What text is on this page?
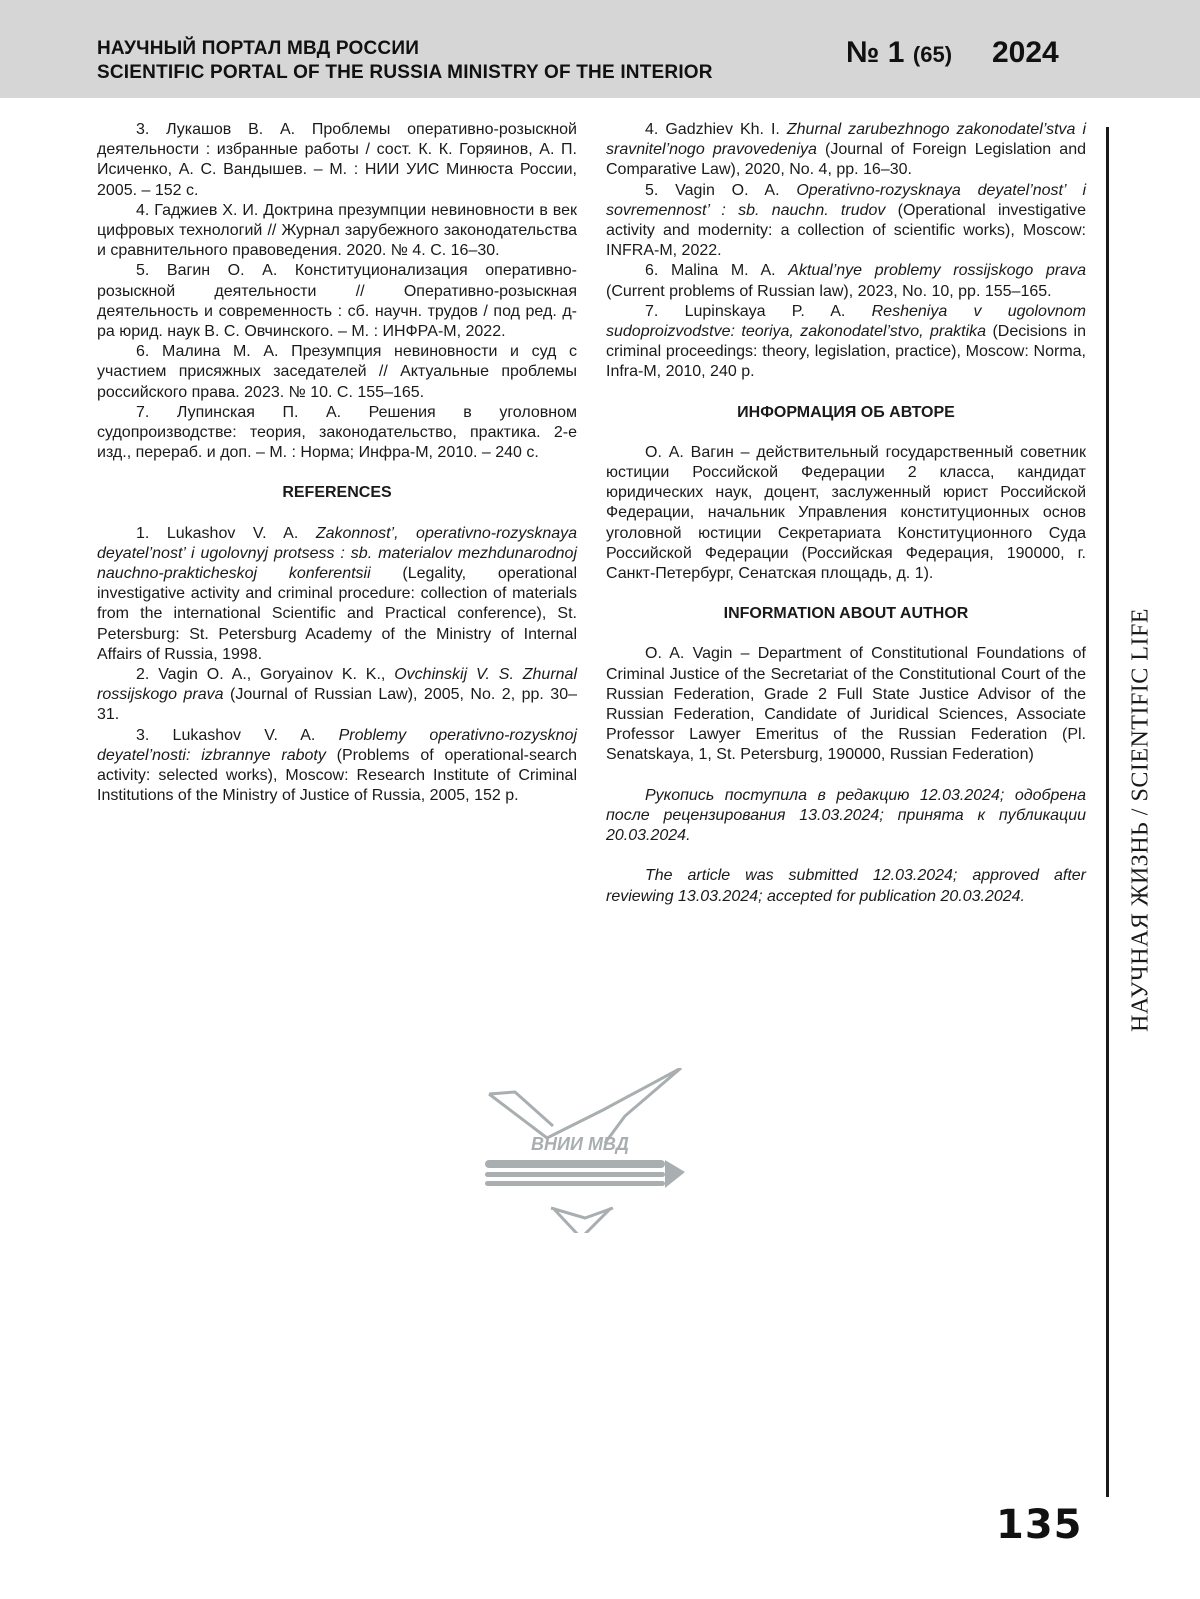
НАУЧНЫЙ ПОРТАЛ МВД РОССИИ
SCIENTIFIC PORTAL OF THE RUSSIA MINISTRY OF THE INTERIOR
№ 1 (65) 2024

3. Лукашов В. А. Проблемы оперативно-розыскной деятельности : избранные работы / сост. К. К. Горяинов, А. П. Исиченко, А. С. Вандышев. – М. : НИИ УИС Минюста России, 2005. – 152 с.

4. Гаджиев Х. И. Доктрина презумпции невиновности в век цифровых технологий // Журнал зарубежного законодательства и сравнительного правоведения. 2020. № 4. С. 16–30.

5. Вагин О. А. Конституционализация оперативно-розыскной деятельности // Оперативно-розыскная деятельность и современность : сб. научн. трудов / под ред. д-ра юрид. наук В. С. Овчинского. – М. : ИНФРА-М, 2022.

6. Малина М. А. Презумпция невиновности и суд с участием присяжных заседателей // Актуальные проблемы российского права. 2023. № 10. С. 155–165.

7. Лупинская П. А. Решения в уголовном судопроизводстве: теория, законодательство, практика. 2-е изд., перераб. и доп. – М. : Норма; Инфра-М, 2010. – 240 с.

REFERENCES

1. Lukashov V. A. Zakonnost’, operativno-rozysknaya deyatel’nost’ i ugolovnyj protsess : sb. materialov mezhdunarodnoj nauchno-prakticheskoj konferentsii (Legality, operational investigative activity and criminal procedure: collection of materials from the international Scientific and Practical conference), St. Petersburg: St. Petersburg Academy of the Ministry of Internal Affairs of Russia, 1998.

2. Vagin O. A., Goryainov K. K., Ovchinskij V. S. Zhurnal rossijskogo prava (Journal of Russian Law), 2005, No. 2, pp. 30–31.

3. Lukashov V. A. Problemy operativno-rozysknoj deyatel’nosti: izbrannye raboty (Problems of operational-search activity: selected works), Moscow: Research Institute of Criminal Institutions of the Ministry of Justice of Russia, 2005, 152 p.

4. Gadzhiev Kh. I. Zhurnal zarubezhnogo zakonodatel’stva i sravnitel’nogo pravovedeniya (Journal of Foreign Legislation and Comparative Law), 2020, No. 4, pp. 16–30.

5. Vagin O. A. Operativno-rozysknaya deyatel’nost’ i sovremennost’ : sb. nauchn. trudov (Operational investigative activity and modernity: a collection of scientific works), Moscow: INFRA-M, 2022.

6. Malina M. A. Aktual’nye problemy rossijskogo prava (Current problems of Russian law), 2023, No. 10, pp. 155–165.

7. Lupinskaya P. A. Resheniya v ugolovnom sudoproizvodstve: teoriya, zakonodatel’stvo, praktika (Decisions in criminal proceedings: theory, legislation, practice), Moscow: Norma, Infra-M, 2010, 240 p.

ИНФОРМАЦИЯ ОБ АВТОРЕ

О. А. Вагин – действительный государственный советник юстиции Российской Федерации 2 класса, кандидат юридических наук, доцент, заслуженный юрист Российской Федерации, начальник Управления конституционных основ уголовной юстиции Секретариата Конституционного Суда Российской Федерации (Российская Федерация, 190000, г. Санкт-Петербург, Сенатская площадь, д. 1).

INFORMATION ABOUT AUTHOR

O. A. Vagin – Department of Constitutional Foundations of Criminal Justice of the Secretariat of the Constitutional Court of the Russian Federation, Grade 2 Full State Justice Advisor of the Russian Federation, Candidate of Juridical Sciences, Associate Professor Lawyer Emeritus of the Russian Federation (Pl. Senatskaya, 1, St. Petersburg, 190000, Russian Federation)

Рукопись поступила в редакцию 12.03.2024; одобрена после рецензирования 13.03.2024; принята к публикации 20.03.2024.

The article was submitted 12.03.2024; approved after reviewing 13.03.2024; accepted for publication 20.03.2024.	НАУЧНАЯ ЖИЗНЬ / SCIENTIFIC LIFE
ВНИИ МВД
135
